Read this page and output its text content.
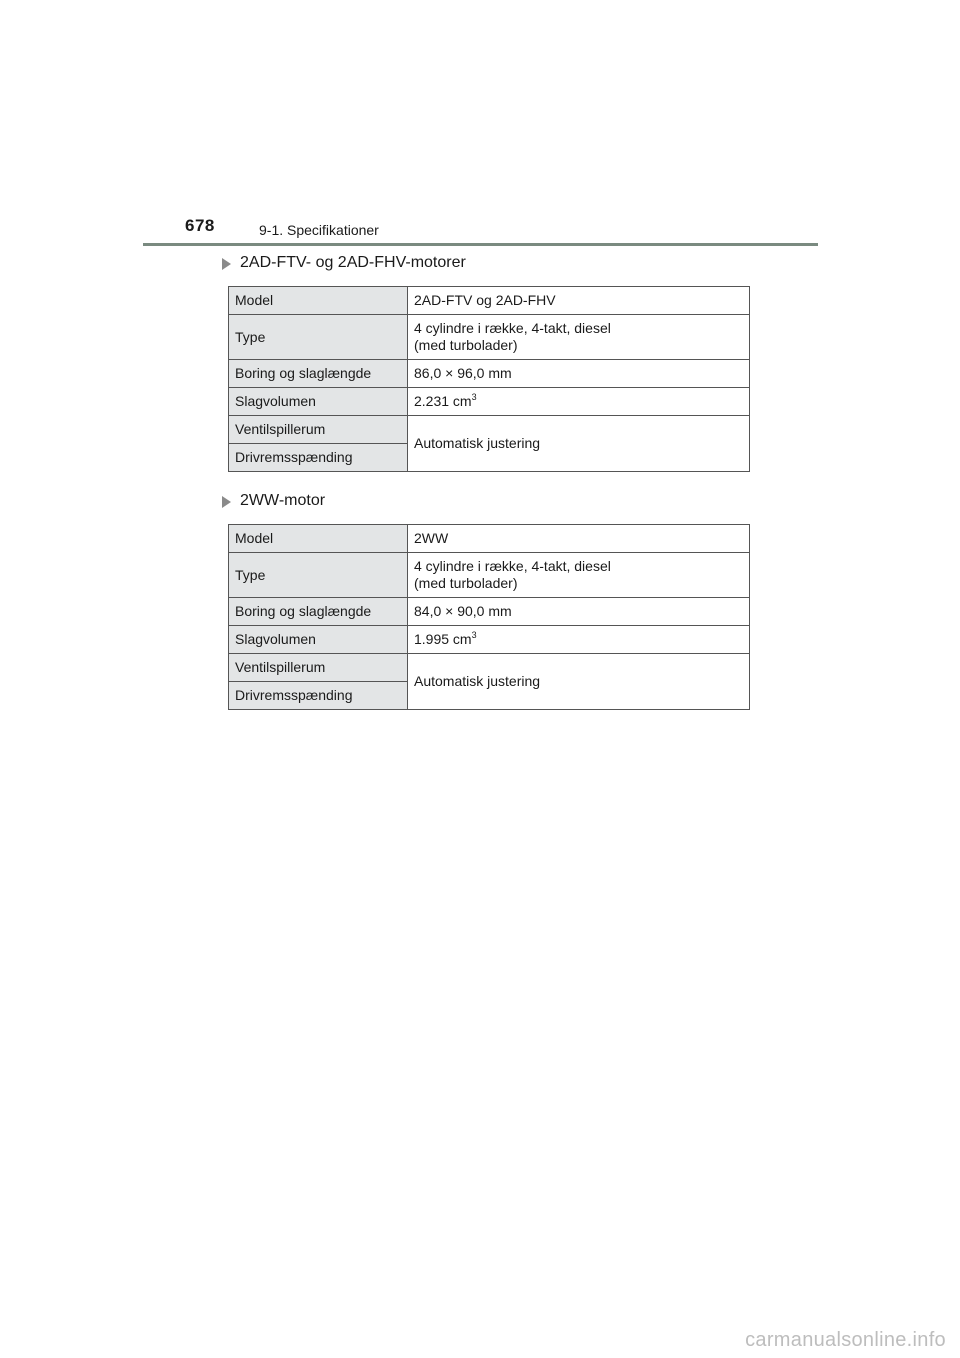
678	9-1. Specifikationer
2AD-FTV- og 2AD-FHV-motorer
Model	2AD-FTV og 2AD-FHV
Type	4 cylindre i række, 4-takt, diesel
(med turbolader)
Boring og slaglængde	86,0 × 96,0 mm
Slagvolumen	2.231 $cm^3$
Ventilspillerum	Automatisk justering
Drivremsspænding	
2WW-motor
Model	2WW
Type	4 cylindre i række, 4-takt, diesel
(med turbolader)
Boring og slaglængde	84,0 × 90,0 mm
Slagvolumen	1.995 $cm^3$
Ventilspillerum	Automatisk justering
Drivremsspænding	
carmanualsonline.info
